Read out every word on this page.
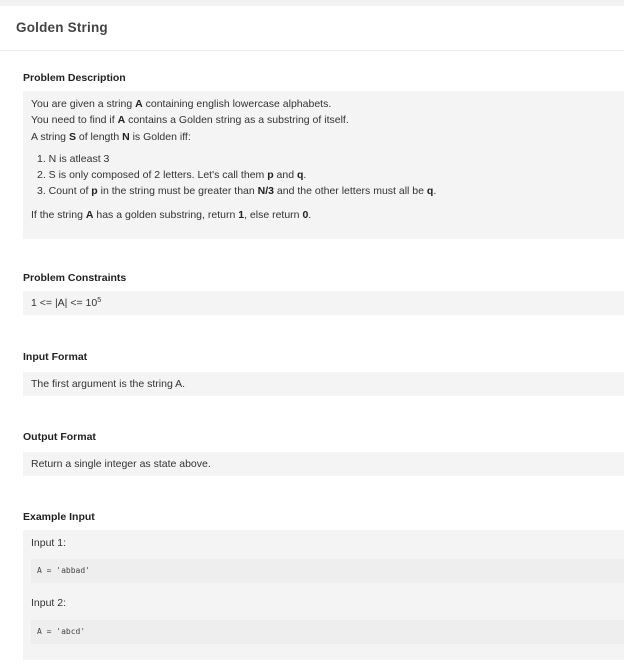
Golden String
Problem Description
You are given a string A containing english lowercase alphabets.
You need to find if A contains a Golden string as a substring of itself.
A string S of length N is Golden iff:
1. N is atleast 3
2. S is only composed of 2 letters. Let's call them p and q.
3. Count of p in the string must be greater than N/3 and the other letters must all be q.
If the string A has a golden substring, return 1, else return 0.
Problem Constraints
$1 <= |A| <= 10^5$
Input Format
The first argument is the string A.
Output Format
Return a single integer as state above.
Example Input
Input 1:
A = 'abbad'
Input 2:
A = 'abcd'
